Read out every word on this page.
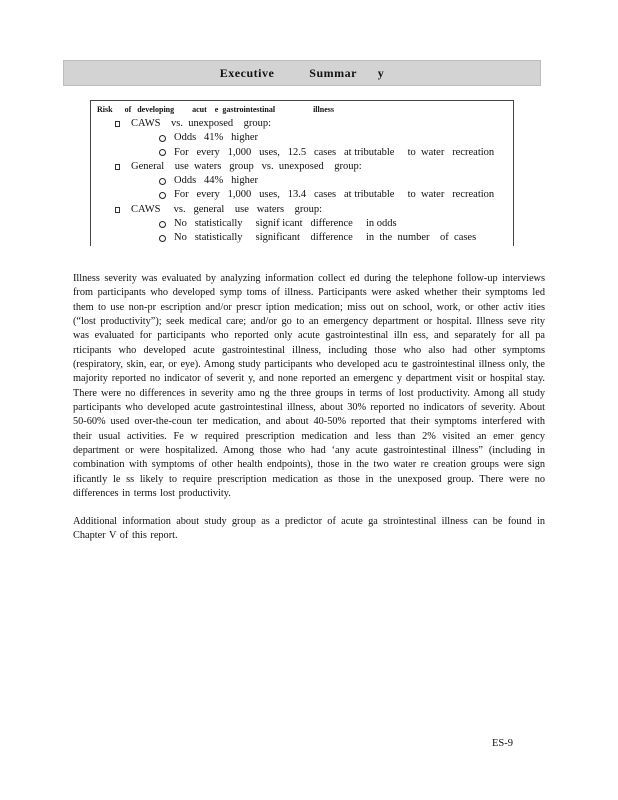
Executive          Summar      y
Risk      of   developing         acut    e  gastrointestinal                   illness
CAWS    vs.  unexposed    group:
Odds   41%   higher
For   every   1,000   uses,   12.5   cases   at tributable     to  water   recreation
General    use  waters   group   vs.  unexposed    group:
Odds   44%   higher
For   every   1,000   uses,   13.4   cases   at tributable     to  water   recreation
CAWS     vs.   general    use   waters    group:
No   statistically     signif icant   difference     in odds
No   statistically     significant    difference     in  the  number    of  cases

Illness severity was evaluated by analyzing information collect ed during the telephone follow-up interviews from participants who developed symp toms of illness. Participants were asked whether their symptoms led them to use non-pr escription and/or prescr iption medication; miss out on school, work, or other activ ities (“lost productivity”); seek medical care; and/or go to an emergency department or hospital. Illness seve rity was evaluated for participants who reported only acute gastrointestinal illn ess, and separately for all pa rticipants who developed acute gastrointestinal illness, including those who also had other symptoms (respiratory, skin, ear, or eye). Among study participants who developed acu te gastrointestinal illness only, the majority reported no indicator of severit y, and none reported an emergenc y department visit or hospital stay. There were no differences in severity amo ng the three groups in terms of lost productivity. Among all study participants who developed acute gastrointestinal illness, about 30% reported no indicators of severity. About 50-60% used over-the-coun ter medication, and about 40-50% reported that their symptoms interfered with their usual activities. Fe w required prescription medication and less than 2% visited an emer gency department or were hospitalized. Among those who had ‘any acute gastrointestinal illness” (including in combination with symptoms of other health endpoints), those in the two water re creation groups were sign ificantly le ss likely to require prescription medication as those in the unexposed group. There were no differences in terms lost productivity.

Additional information about study group as a predictor of acute ga strointestinal illness can be found in Chapter V of this report.

ES-9
